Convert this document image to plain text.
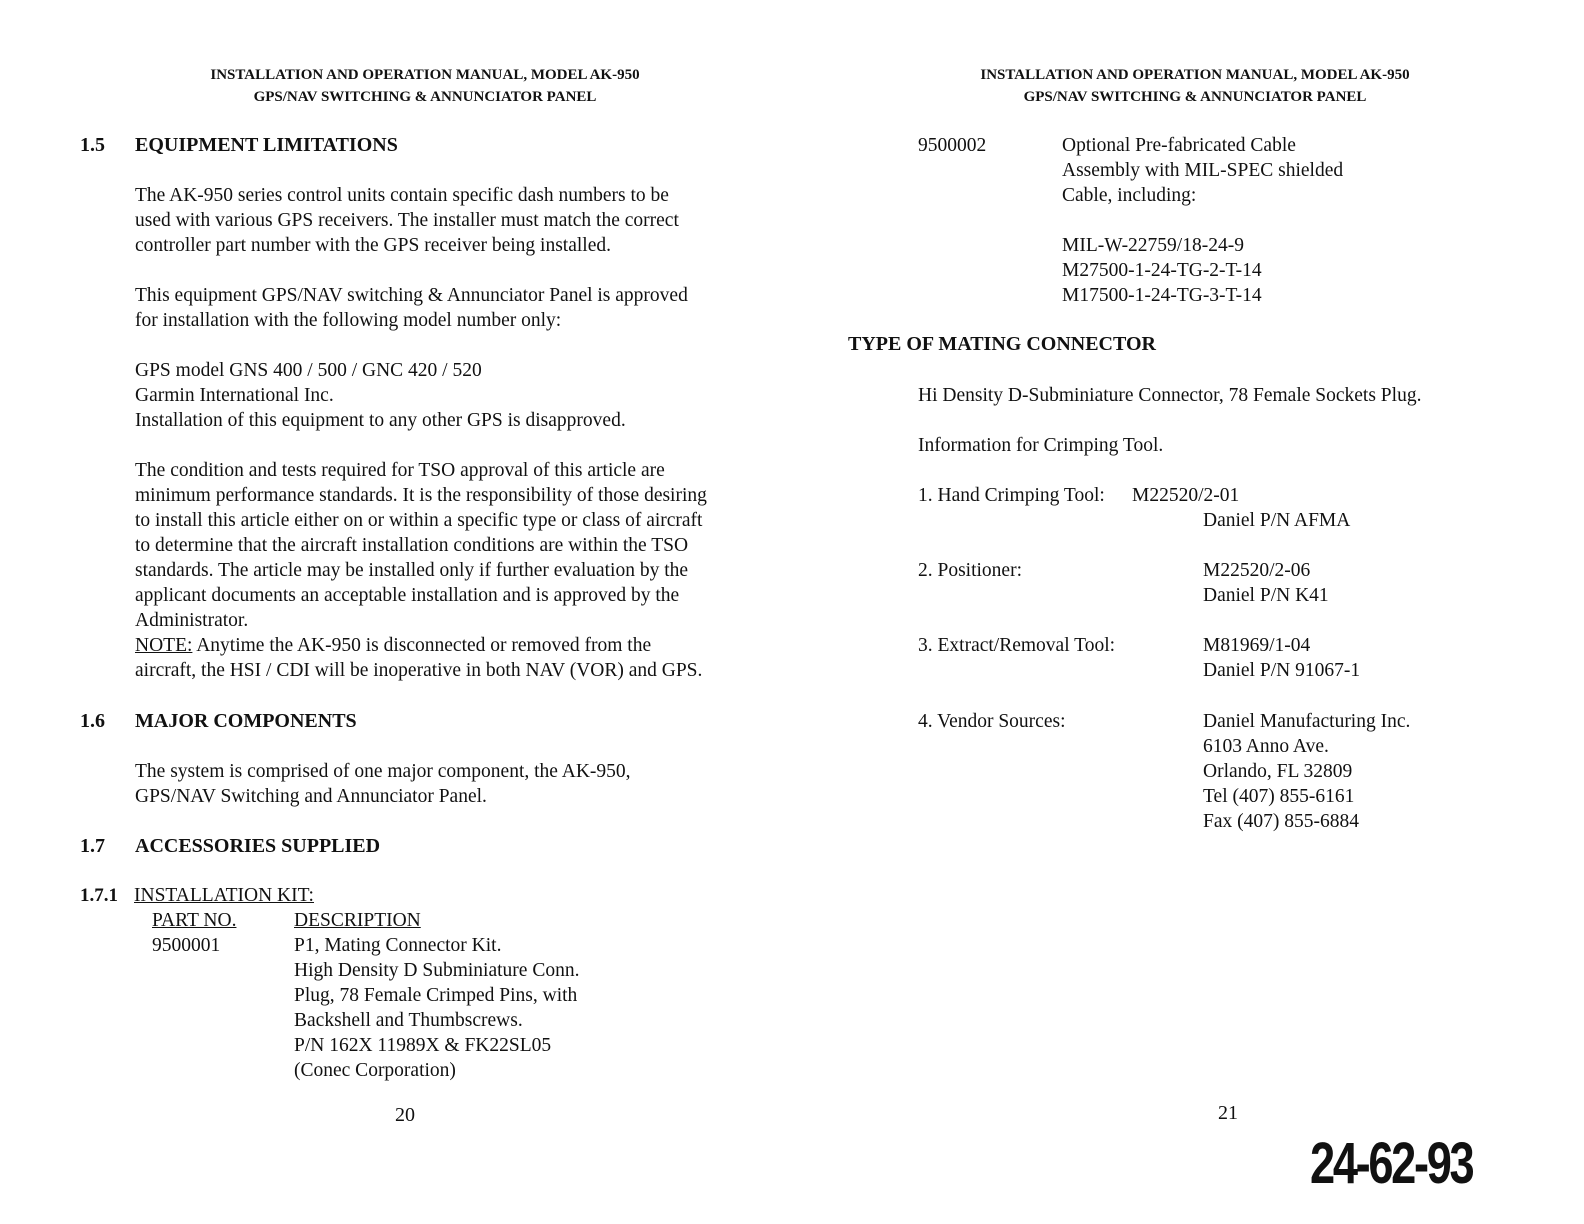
INSTALLATION AND OPERATION MANUAL, MODEL AK-950
GPS/NAV SWITCHING & ANNUNCIATOR PANEL
1.5 EQUIPMENT LIMITATIONS
The AK-950 series control units contain specific dash numbers to be
used with various GPS receivers. The installer must match the correct
controller part number with the GPS receiver being installed.
This equipment GPS/NAV switching & Annunciator Panel is approved
for installation with the following model number only:
GPS model GNS 400 / 500 / GNC 420 / 520
Garmin International Inc.
Installation of this equipment to any other GPS is disapproved.
The condition and tests required for TSO approval of this article are
minimum performance standards. It is the responsibility of those desiring
to install this article either on or within a specific type or class of aircraft
to determine that the aircraft installation conditions are within the TSO
standards. The article may be installed only if further evaluation by the
applicant documents an acceptable installation and is approved by the
Administrator.
NOTE: Anytime the AK-950 is disconnected or removed from the
aircraft, the HSI / CDI will be inoperative in both NAV (VOR) and GPS.
1.6 MAJOR COMPONENTS
The system is comprised of one major component, the AK-950,
GPS/NAV Switching and Annunciator Panel.
1.7 ACCESSORIES SUPPLIED
1.7.1 INSTALLATION KIT:
PART NO.	DESCRIPTION
9500001	P1, Mating Connector Kit.
High Density D Subminiature Conn.
Plug, 78 Female Crimped Pins, with
Backshell and Thumbscrews.
P/N 162X 11989X & FK22SL05
(Conec Corporation)
20
INSTALLATION AND OPERATION MANUAL, MODEL AK-950
GPS/NAV SWITCHING & ANNUNCIATOR PANEL
9500002	Optional Pre-fabricated Cable
Assembly with MIL-SPEC shielded
Cable, including:
MIL-W-22759/18-24-9
M27500-1-24-TG-2-T-14
M17500-1-24-TG-3-T-14
TYPE OF MATING CONNECTOR
Hi Density D-Subminiature Connector, 78 Female Sockets Plug.
Information for Crimping Tool.
1. Hand Crimping Tool: M22520/2-01
Daniel P/N AFMA
2. Positioner:	M22520/2-06
Daniel P/N K41
3. Extract/Removal Tool:	M81969/1-04
Daniel P/N 91067-1
4. Vendor Sources:	Daniel Manufacturing Inc.
6103 Anno Ave.
Orlando, FL 32809
Tel (407) 855-6161
Fax (407) 855-6884
21
24-62-93
